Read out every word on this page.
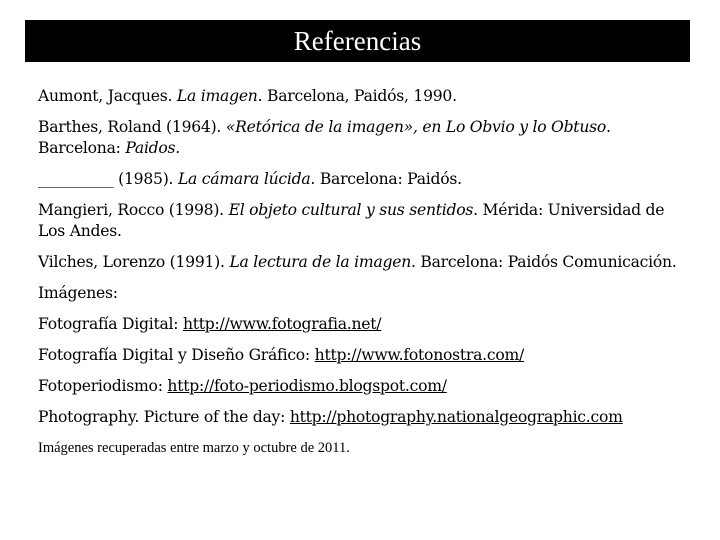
Referencias

Aumont, Jacques. La imagen. Barcelona, Paidós, 1990.

Barthes, Roland (1964). «Retórica de la imagen», en Lo Obvio y lo Obtuso. Barcelona: Paidos.

__________ (1985). La cámara lúcida. Barcelona: Paidós.

Mangieri, Rocco (1998). El objeto cultural y sus sentidos. Mérida: Universidad de Los Andes.

Vilches, Lorenzo (1991). La lectura de la imagen. Barcelona: Paidós Comunicación.

Imágenes:

Fotografía Digital: http://www.fotografia.net/

Fotografía Digital y Diseño Gráfico: http://www.fotonostra.com/

Fotoperiodismo: http://foto-periodismo.blogspot.com/

Photography. Picture of the day: http://photography.nationalgeographic.com

Imágenes recuperadas entre marzo y octubre de 2011.
